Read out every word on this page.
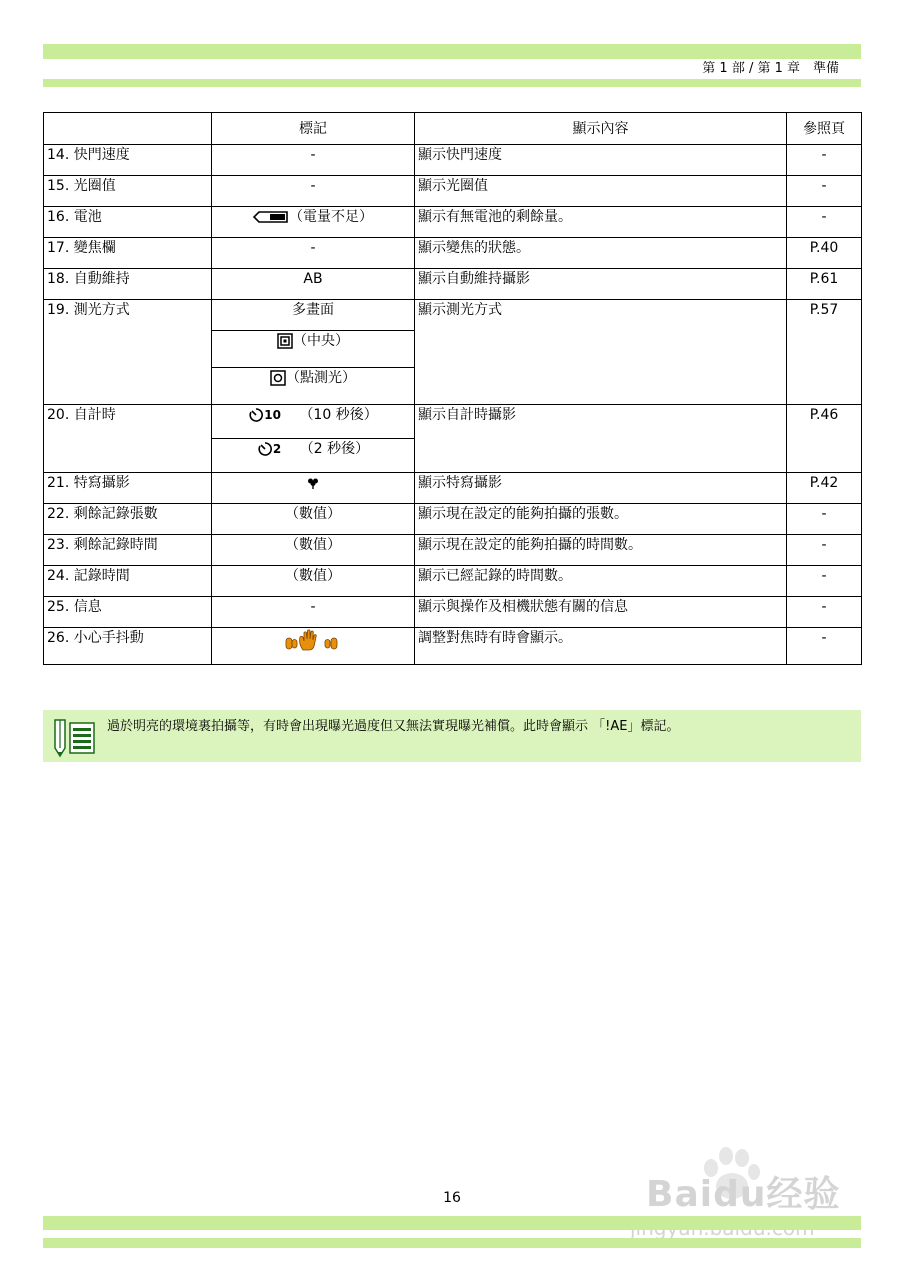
第 1 部 / 第 1 章　準備
	標記	顯示內容	參照頁
14. 快門速度	-	顯示快門速度	-
15. 光圈值	-	顯示光圈值	-
16. 電池	（電量不足）	顯示有無電池的剩餘量。	-
17. 變焦欄	-	顯示變焦的狀態。	P.40
18. 自動維持	AB	顯示自動維持攝影	P.61
19. 測光方式	多畫面	顯示測光方式	P.57
	（中央）		
	（點測光）		
20. 自計時	10 （10 秒後）	顯示自計時攝影	P.46
	2 （2 秒後）		
21. 特寫攝影		顯示特寫攝影	P.42
22. 剩餘記錄張數	（數值）	顯示現在設定的能夠拍攝的張數。	-
23. 剩餘記錄時間	（數值）	顯示現在設定的能夠拍攝的時間數。	-
24. 記錄時間	（數值）	顯示已經記錄的時間數。	-
25. 信息	-	顯示與操作及相機狀態有關的信息	-
26. 小心手抖動		調整對焦時有時會顯示。	-
過於明亮的環境裏拍攝等，有時會出現曝光過度但又無法實現曝光補償。此時會顯示 「!AE」標記。
16	Baidu经验
